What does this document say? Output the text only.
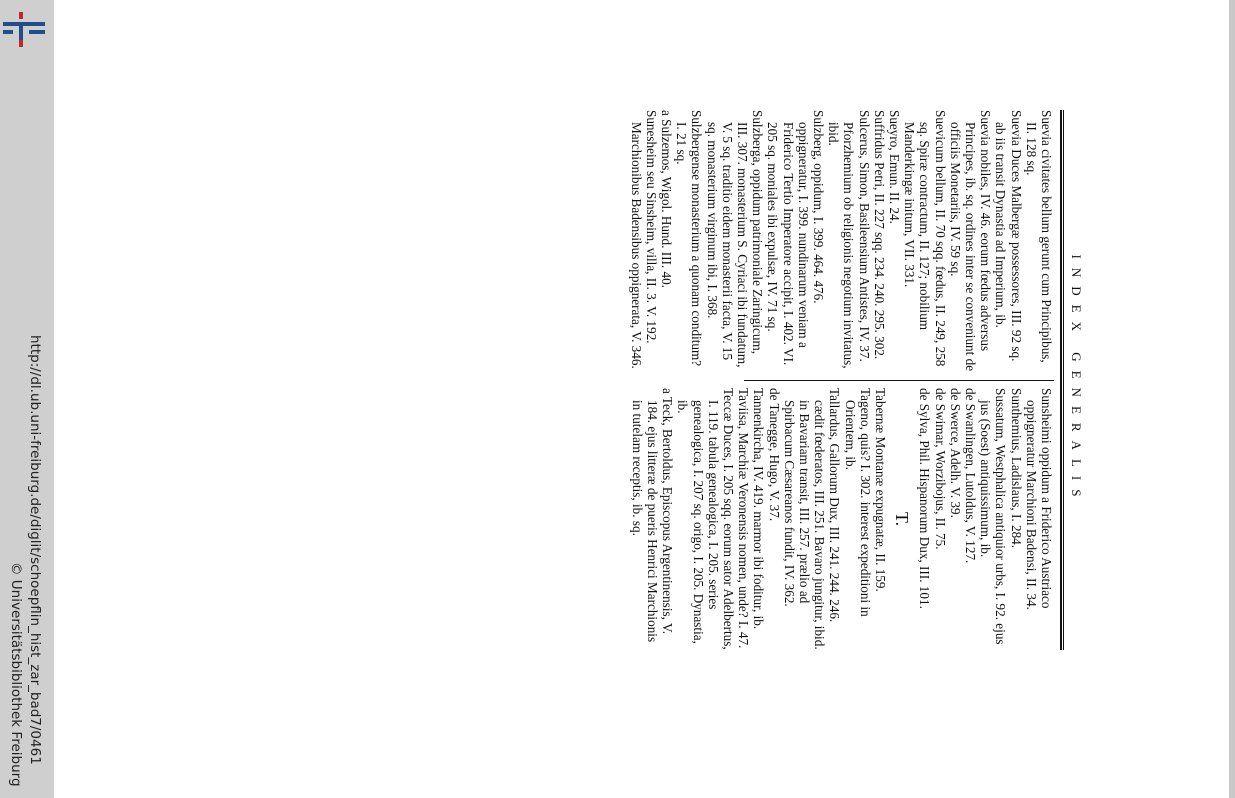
http://dl.ub.uni-freiburg.de/diglit/schoepflin_hist_zar_bad7/0461
© Universitätsbibliothek Freiburg
INDEX GENERALIS

Suevia civitates bellum gerunt cum Principibus, II. 128 sq.

Suevia Duces Malbergæ possessores, III. 92 sq. ab iis transit Dynastia ad Imperium, ib.

Suevia nobiles, IV. 46. eorum fœdus adversus Principes, ib. sq. ordines inter se conveniunt de officiis Monetariis, IV. 59 sq.

Suevicum bellum, II. 70 sqq. fœdus, II. 249, 258 sq. Spiræ contractum, II. 127; nobilium Manderkingæ initum, VII. 331.

Sueyro, Emun. II. 24.

Suffridus Petri, II. 227 sqq. 234. 240. 295. 302.

Sulcerus, Simon, Basileensium Antistes, IV. 37. Pforzhemium ob religionis negotium invitatus, ibid.

Sulzberg, oppidum, I. 399. 464. 476. oppigneratur, I. 399. nundinarum veniam a Friderico Tertio Imperatore accipit, I. 402. VI. 205 sq. moniales ibi expulsæ, IV. 71 sq.

Sulzberga, oppidum patrimoniale Zaringicum, III. 307. monasterium S. Cyriaci ibi fundatum, V. 5 sq. traditio eidem monasterii facta, V. 15 sq. monasterium virginum ibi, I. 368.

Sulzbergense monasterium a quonam conditum? I. 21 sq.

a Sulzemos, Wigol. Hund. III. 40.

Sunesheim seu Sinsheim, villa, II. 3. V. 192. Marchionibus Badensibus oppignerata, V. 346.

Sunsheimi oppidum a Friderico Austriaco oppigneratur Marchioni Badensi, II. 34.

Sunthemius, Ladislaus, I. 284.

Sussatum, Westphalica antiquior urbs, I. 92. ejus jus (Soest) antiquissimum, ib.

de Swanlingen, Lutoldus, V. 127.

de Swerce, Adelh. V. 39.

de Swimar, Worzibojus, II. 75.

de Sylva, Phil. Hispanorum Dux, III. 101.

T.

Tabernæ Montanæ expugnatæ, II. 159.

Tageno, quis? I. 302. interest expeditioni in Orientem, ib.

Tallardus, Gallorum Dux, III. 241. 244. 246. cædit fœderatos, III. 251. Bavaro jungitur, ibid. in Bavariam transit, III. 257. prælio ad Spirbacum Cæsareanos fundit, IV. 362.

de Tanegge, Hugo, V. 37.

Tannenkircha, IV. 419. marmor ibi foditur, ib.

Taviisa, Marchiæ Veronensis nomen, unde? I. 47.

Teccæ Duces, I. 205 sqq. eorum sator Adelbertus, I. 119. tabula genealogica, I. 205. series genealogica, I. 207 sq. origo, I. 205. Dynastia, ib.

a Teck, Bertoldus, Episcopus Argentinensis, V. 184. ejus litteræ de pueris Henrici Marchionis in tutelam receptis, ib. sq.
